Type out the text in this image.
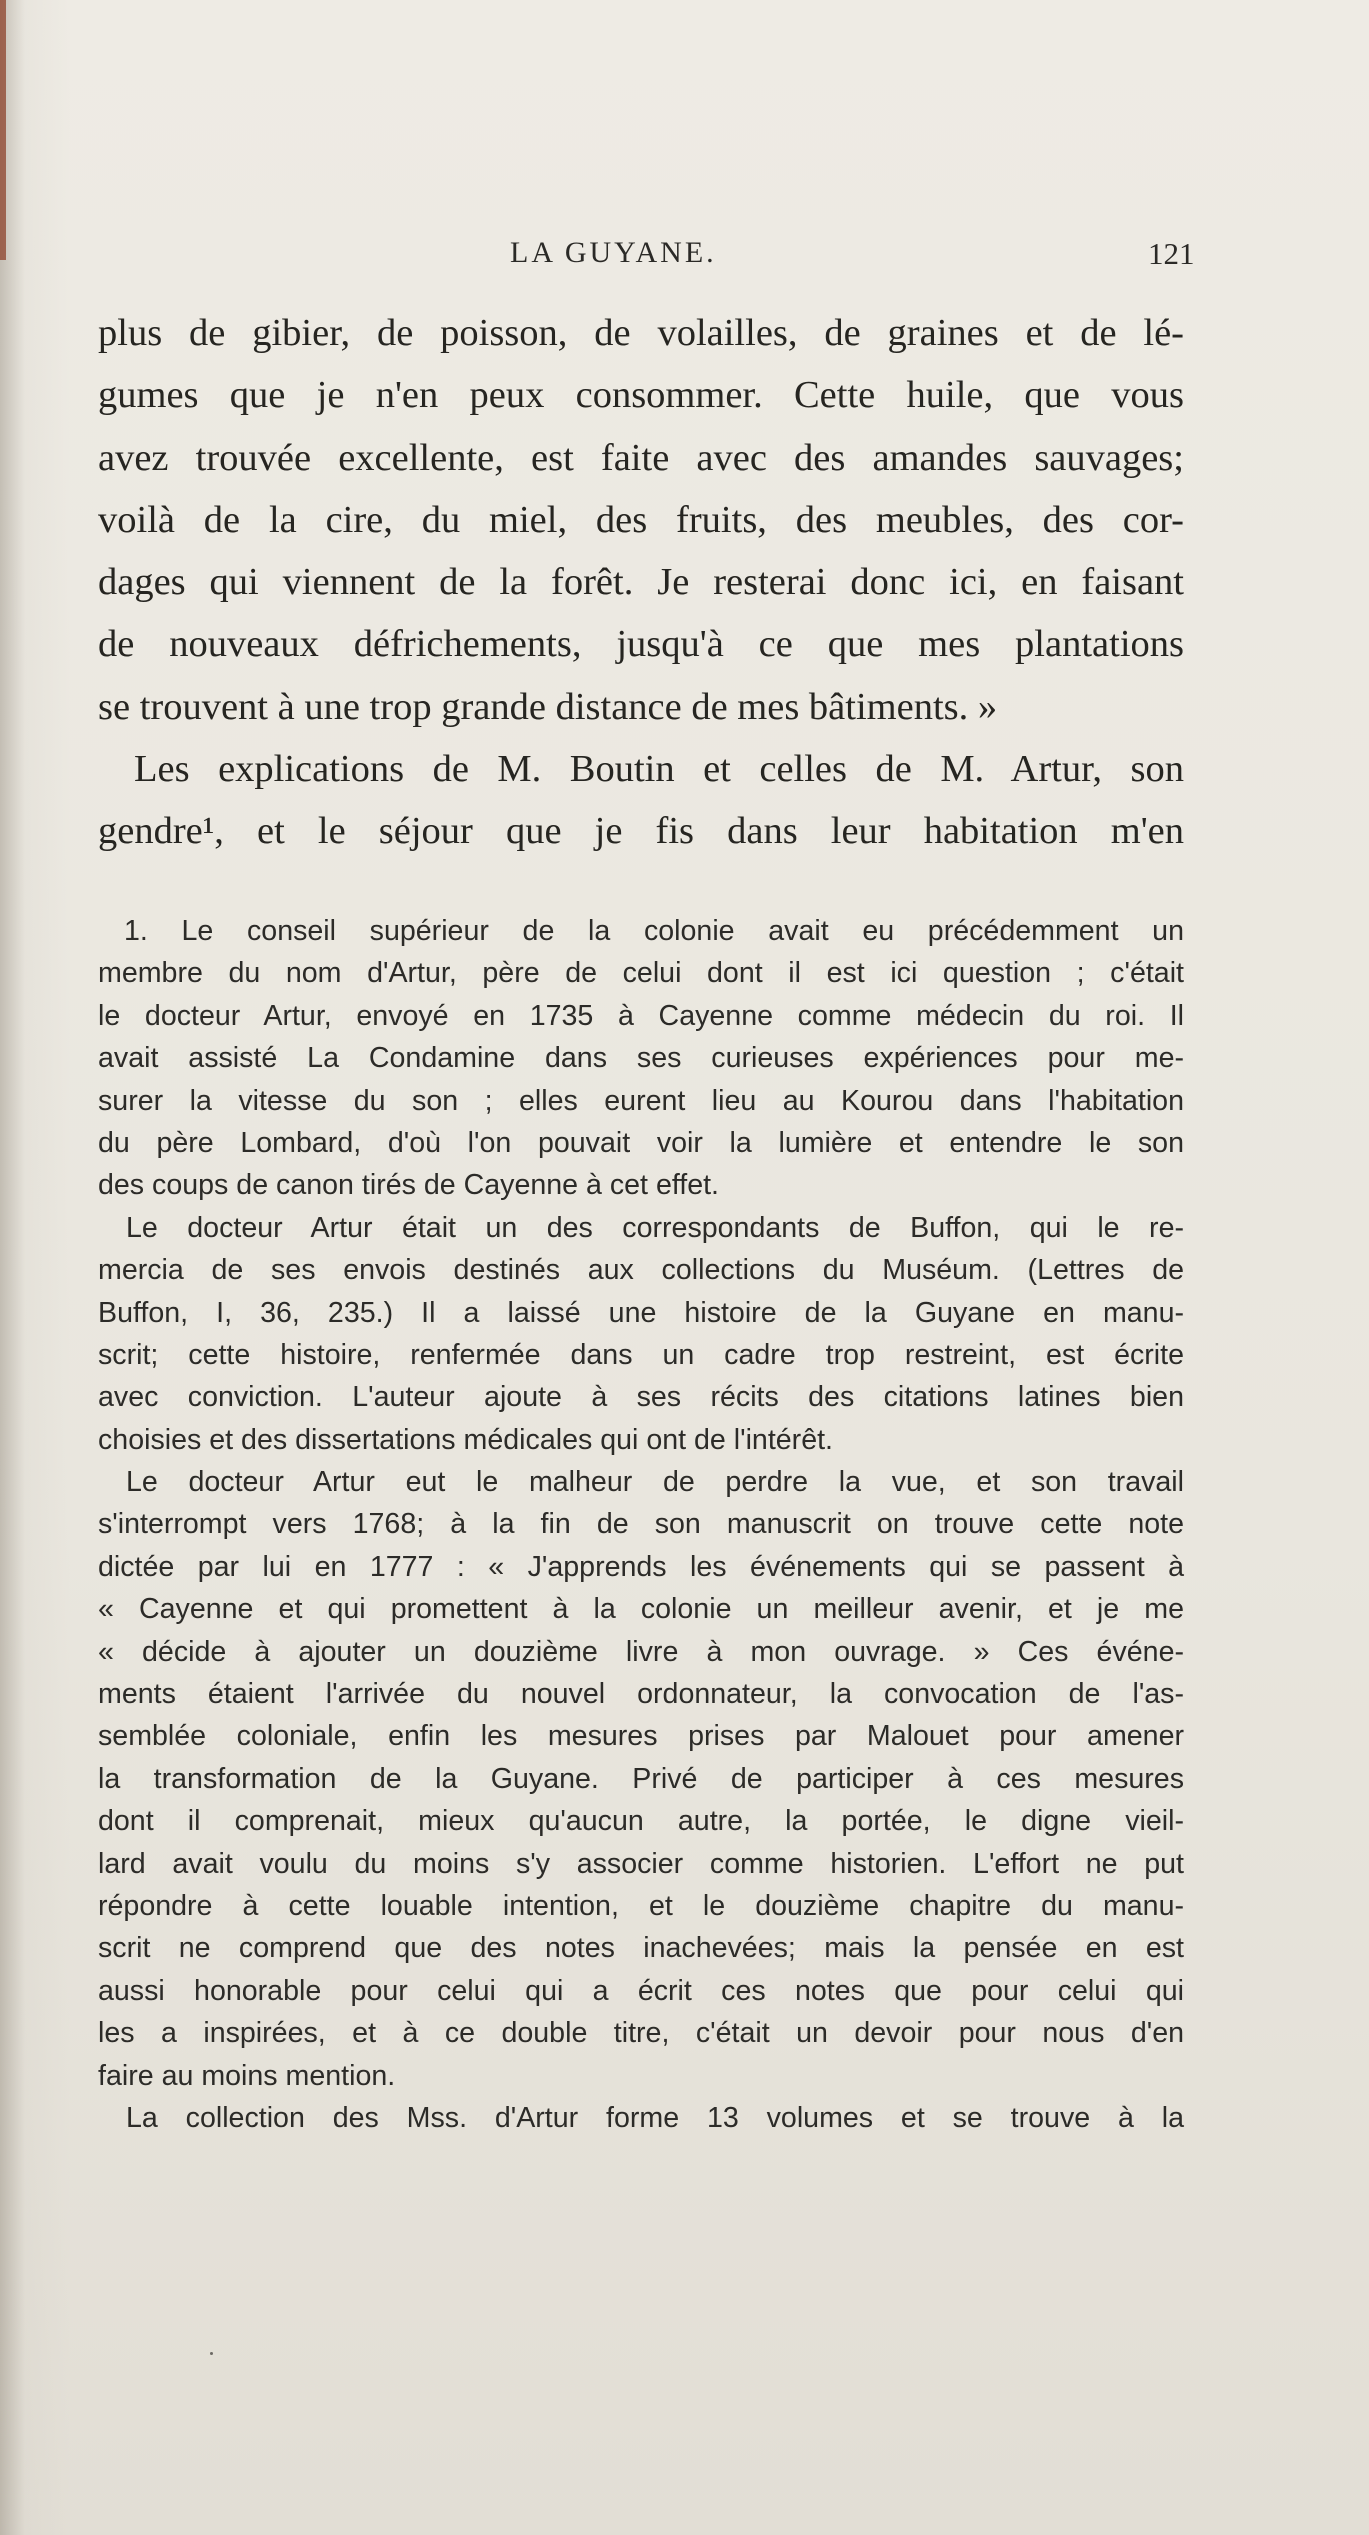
LA GUYANE.	121
plus de gibier, de poisson, de volailles, de graines et de lé-
gumes que je n'en peux consommer. Cette huile, que vous
avez trouvée excellente, est faite avec des amandes sauvages;
voilà de la cire, du miel, des fruits, des meubles, des cor-
dages qui viennent de la forêt. Je resterai donc ici, en faisant
de nouveaux défrichements, jusqu'à ce que mes plantations
se trouvent à une trop grande distance de mes bâtiments. »
Les explications de M. Boutin et celles de M. Artur, son
gendre¹, et le séjour que je fis dans leur habitation m'en
1. Le conseil supérieur de la colonie avait eu précédemment un
membre du nom d'Artur, père de celui dont il est ici question ; c'était
le docteur Artur, envoyé en 1735 à Cayenne comme médecin du roi. Il
avait assisté La Condamine dans ses curieuses expériences pour me-
surer la vitesse du son ; elles eurent lieu au Kourou dans l'habitation
du père Lombard, d'où l'on pouvait voir la lumière et entendre le son
des coups de canon tirés de Cayenne à cet effet.
Le docteur Artur était un des correspondants de Buffon, qui le re-
mercia de ses envois destinés aux collections du Muséum. (Lettres de
Buffon, I, 36, 235.) Il a laissé une histoire de la Guyane en manu-
scrit; cette histoire, renfermée dans un cadre trop restreint, est écrite
avec conviction. L'auteur ajoute à ses récits des citations latines bien
choisies et des dissertations médicales qui ont de l'intérêt.
Le docteur Artur eut le malheur de perdre la vue, et son travail
s'interrompt vers 1768; à la fin de son manuscrit on trouve cette note
dictée par lui en 1777 : « J'apprends les événements qui se passent à
« Cayenne et qui promettent à la colonie un meilleur avenir, et je me
« décide à ajouter un douzième livre à mon ouvrage. » Ces événe-
ments étaient l'arrivée du nouvel ordonnateur, la convocation de l'as-
semblée coloniale, enfin les mesures prises par Malouet pour amener
la transformation de la Guyane. Privé de participer à ces mesures
dont il comprenait, mieux qu'aucun autre, la portée, le digne vieil-
lard avait voulu du moins s'y associer comme historien. L'effort ne put
répondre à cette louable intention, et le douzième chapitre du manu-
scrit ne comprend que des notes inachevées; mais la pensée en est
aussi honorable pour celui qui a écrit ces notes que pour celui qui
les a inspirées, et à ce double titre, c'était un devoir pour nous d'en
faire au moins mention.
La collection des Mss. d'Artur forme 13 volumes et se trouve à la
